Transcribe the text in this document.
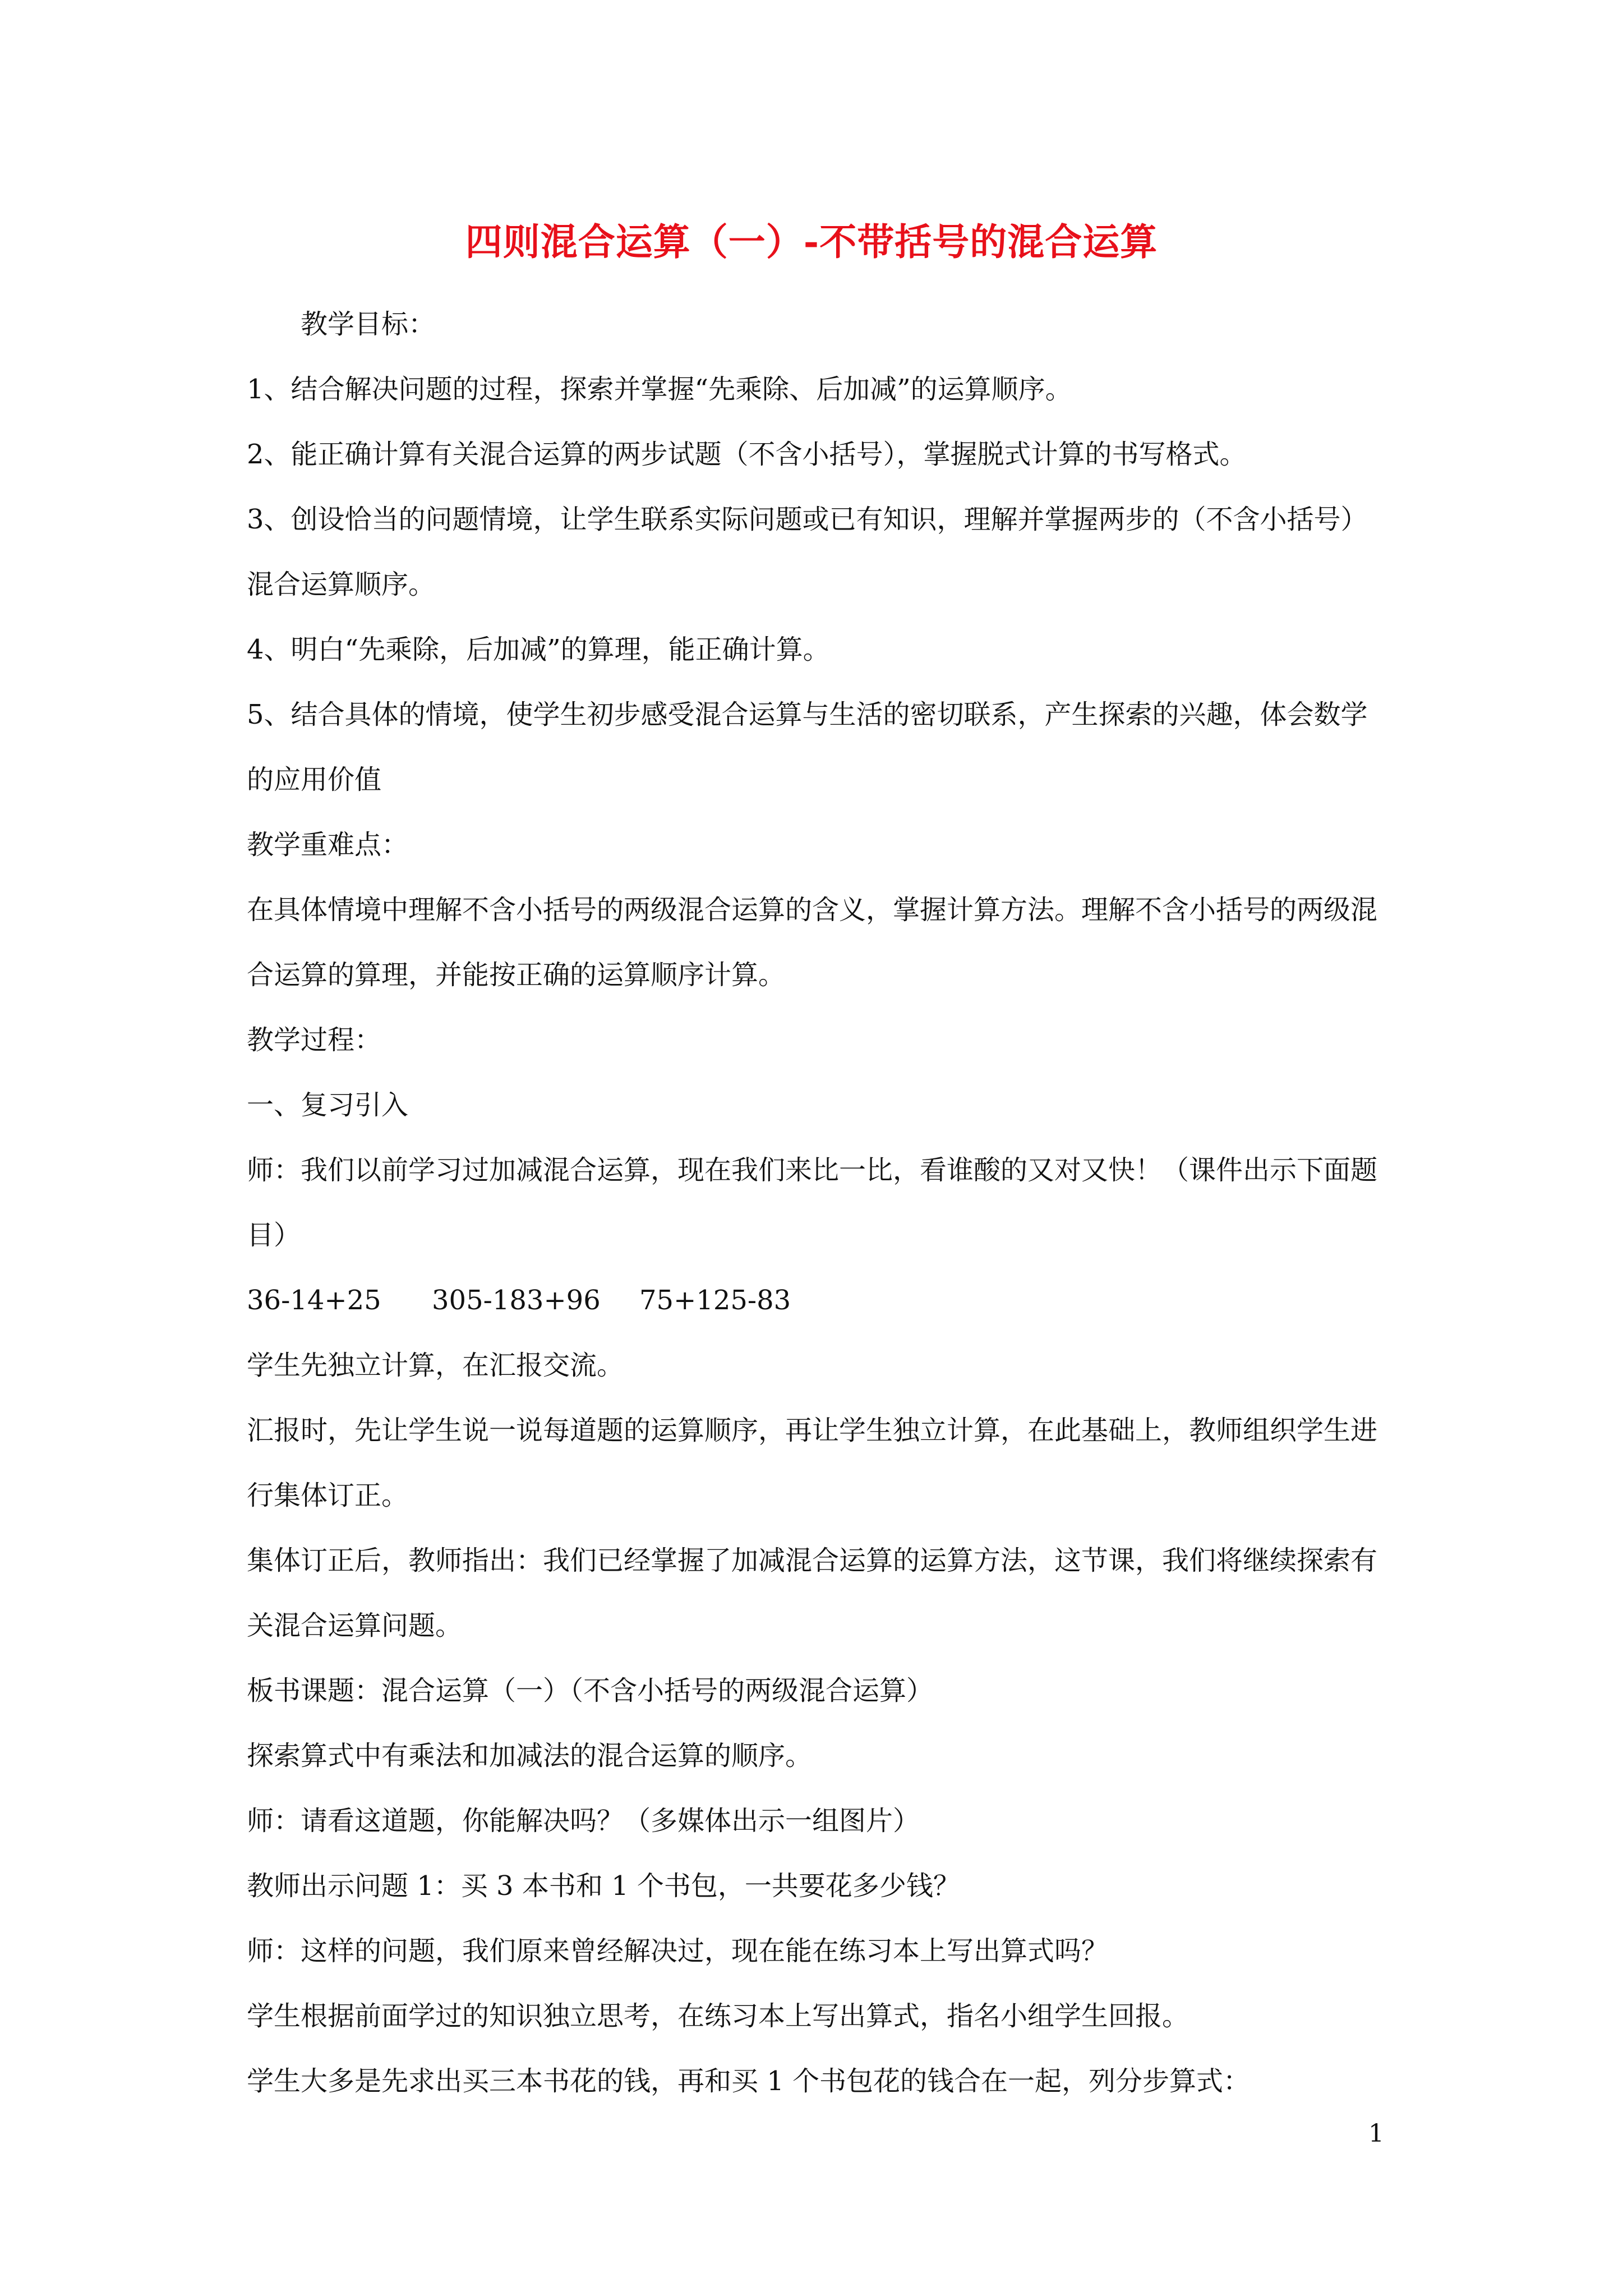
四则混合运算（一）-不带括号的混合运算

教学目标：

1、结合解决问题的过程，探索并掌握“先乘除、后加减”的运算顺序。

2、能正确计算有关混合运算的两步试题（不含小括号），掌握脱式计算的书写格式。

3、创设恰当的问题情境，让学生联系实际问题或已有知识，理解并掌握两步的（不含小括号）混合运算顺序。

4、明白“先乘除，后加减”的算理，能正确计算。

5、结合具体的情境，使学生初步感受混合运算与生活的密切联系，产生探索的兴趣，体会数学的应用价值

教学重难点：

在具体情境中理解不含小括号的两级混合运算的含义，掌握计算方法。理解不含小括号的两级混合运算的算理，并能按正确的运算顺序计算。

教学过程：

一、复习引入

师：我们以前学习过加减混合运算，现在我们来比一比，看谁酸的又对又快！（课件出示下面题目）

36-14+25	305-183+96	75+125-83

学生先独立计算，在汇报交流。

汇报时，先让学生说一说每道题的运算顺序，再让学生独立计算，在此基础上，教师组织学生进行集体订正。

集体订正后，教师指出：我们已经掌握了加减混合运算的运算方法，这节课，我们将继续探索有关混合运算问题。

板书课题：混合运算（一）（不含小括号的两级混合运算）

探索算式中有乘法和加减法的混合运算的顺序。

师：请看这道题，你能解决吗？（多媒体出示一组图片）

教师出示问题 1：买 3 本书和 1 个书包，一共要花多少钱？

师：这样的问题，我们原来曾经解决过，现在能在练习本上写出算式吗？

学生根据前面学过的知识独立思考，在练习本上写出算式，指名小组学生回报。

学生大多是先求出买三本书花的钱，再和买 1 个书包花的钱合在一起，列分步算式：

1
